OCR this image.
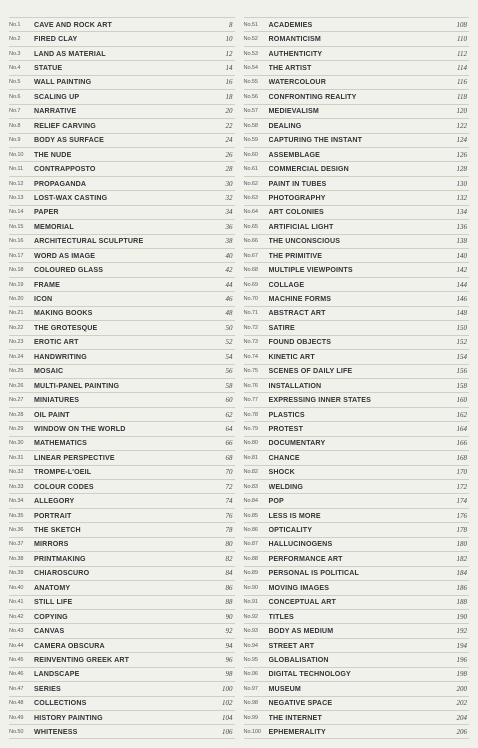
No.1	CAVE AND ROCK ART	8
No.2	FIRED CLAY	10
No.3	LAND AS MATERIAL	12
No.4	STATUE	14
No.5	WALL PAINTING	16
No.6	SCALING UP	18
No.7	NARRATIVE	20
No.8	RELIEF CARVING	22
No.9	BODY AS SURFACE	24
No.10	THE NUDE	26
No.11	CONTRAPPOSTO	28
No.12	PROPAGANDA	30
No.13	LOST-WAX CASTING	32
No.14	PAPER	34
No.15	MEMORIAL	36
No.16	ARCHITECTURAL SCULPTURE	38
No.17	WORD AS IMAGE	40
No.18	COLOURED GLASS	42
No.19	FRAME	44
No.20	ICON	46
No.21	MAKING BOOKS	48
No.22	THE GROTESQUE	50
No.23	EROTIC ART	52
No.24	HANDWRITING	54
No.25	MOSAIC	56
No.26	MULTI-PANEL PAINTING	58
No.27	MINIATURES	60
No.28	OIL PAINT	62
No.29	WINDOW ON THE WORLD	64
No.30	MATHEMATICS	66
No.31	LINEAR PERSPECTIVE	68
No.32	TROMPE-L'OEIL	70
No.33	COLOUR CODES	72
No.34	ALLEGORY	74
No.35	PORTRAIT	76
No.36	THE SKETCH	78
No.37	MIRRORS	80
No.38	PRINTMAKING	82
No.39	CHIAROSCURO	84
No.40	ANATOMY	86
No.41	STILL LIFE	88
No.42	COPYING	90
No.43	CANVAS	92
No.44	CAMERA OBSCURA	94
No.45	REINVENTING GREEK ART	96
No.46	LANDSCAPE	98
No.47	SERIES	100
No.48	COLLECTIONS	102
No.49	HISTORY PAINTING	104
No.50	WHITENESS	106
No.51	ACADEMIES	108
No.52	ROMANTICISM	110
No.53	AUTHENTICITY	112
No.54	THE ARTIST	114
No.55	WATERCOLOUR	116
No.56	CONFRONTING REALITY	118
No.57	MEDIEVALISM	120
No.58	DEALING	122
No.59	CAPTURING THE INSTANT	124
No.60	ASSEMBLAGE	126
No.61	COMMERCIAL DESIGN	128
No.62	PAINT IN TUBES	130
No.63	PHOTOGRAPHY	132
No.64	ART COLONIES	134
No.65	ARTIFICIAL LIGHT	136
No.66	THE UNCONSCIOUS	138
No.67	THE PRIMITIVE	140
No.68	MULTIPLE VIEWPOINTS	142
No.69	COLLAGE	144
No.70	MACHINE FORMS	146
No.71	ABSTRACT ART	148
No.72	SATIRE	150
No.73	FOUND OBJECTS	152
No.74	KINETIC ART	154
No.75	SCENES OF DAILY LIFE	156
No.76	INSTALLATION	158
No.77	EXPRESSING INNER STATES	160
No.78	PLASTICS	162
No.79	PROTEST	164
No.80	DOCUMENTARY	166
No.81	CHANCE	168
No.82	SHOCK	170
No.83	WELDING	172
No.84	POP	174
No.85	LESS IS MORE	176
No.86	OPTICALITY	178
No.87	HALLUCINOGENS	180
No.88	PERFORMANCE ART	182
No.89	PERSONAL IS POLITICAL	184
No.90	MOVING IMAGES	186
No.91	CONCEPTUAL ART	188
No.92	TITLES	190
No.93	BODY AS MEDIUM	192
No.94	STREET ART	194
No.95	GLOBALISATION	196
No.96	DIGITAL TECHNOLOGY	198
No.97	MUSEUM	200
No.98	NEGATIVE SPACE	202
No.99	THE INTERNET	204
No.100	EPHEMERALITY	206
